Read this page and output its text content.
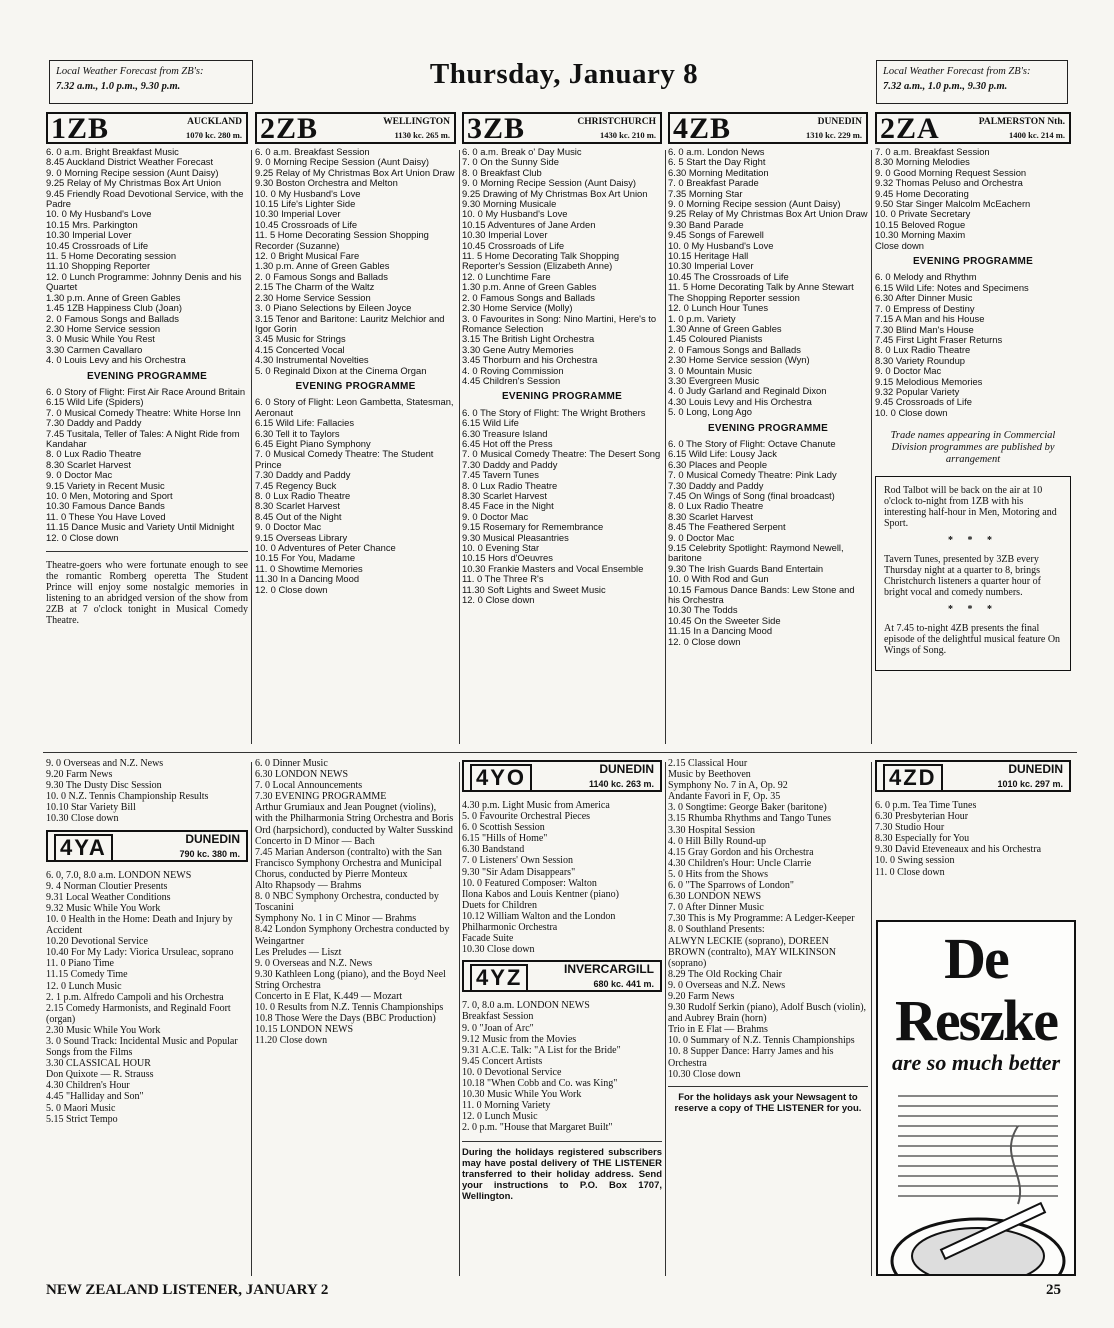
Local Weather Forecast from ZB's:
7.32 a.m., 1.0 p.m., 9.30 p.m.	Thursday, January 8	Local Weather Forecast from ZB's:
7.32 a.m., 1.0 p.m., 9.30 p.m.
1ZB	AUCKLAND
1070 kc. 280 m.

6. 0 a.m. Bright Breakfast Music

8.45 Auckland District Weather Forecast

9. 0 Morning Recipe session (Aunt Daisy)

9.25 Relay of My Christmas Box Art Union

9.45 Friendly Road Devotional Service, with the Padre

10. 0 My Husband's Love

10.15 Mrs. Parkington

10.30 Imperial Lover

10.45 Crossroads of Life

11. 5 Home Decorating session

11.10 Shopping Reporter

12. 0 Lunch Programme: Johnny Denis and his Quartet

1.30 p.m. Anne of Green Gables

1.45 1ZB Happiness Club (Joan)

2. 0 Famous Songs and Ballads

2.30 Home Service session

3. 0 Music While You Rest

3.30 Carmen Cavallaro

4. 0 Louis Levy and his Orchestra

EVENING PROGRAMME

6. 0 Story of Flight: First Air Race Around Britain

6.15 Wild Life (Spiders)

7. 0 Musical Comedy Theatre: White Horse Inn

7.30 Daddy and Paddy

7.45 Tusitala, Teller of Tales: A Night Ride from Kandahar

8. 0 Lux Radio Theatre

8.30 Scarlet Harvest

9. 0 Doctor Mac

9.15 Variety in Recent Music

10. 0 Men, Motoring and Sport

10.30 Famous Dance Bands

11. 0 These You Have Loved

11.15 Dance Music and Variety Until Midnight

12. 0 Close down

Theatre-goers who were fortunate enough to see the romantic Romberg operetta The Student Prince will enjoy some nostalgic memories in listening to an abridged version of the show from 2ZB at 7 o'clock tonight in Musical Comedy Theatre.
2ZB	WELLINGTON
1130 kc. 265 m.

6. 0 a.m. Breakfast Session

9. 0 Morning Recipe Session (Aunt Daisy)

9.25 Relay of My Christmas Box Art Union Draw

9.30 Boston Orchestra and Melton

10. 0 My Husband's Love

10.15 Life's Lighter Side

10.30 Imperial Lover

10.45 Crossroads of Life

11. 5 Home Decorating Session Shopping Recorder (Suzanne)

12. 0 Bright Musical Fare

1.30 p.m. Anne of Green Gables

2. 0 Famous Songs and Ballads

2.15 The Charm of the Waltz

2.30 Home Service Session

3. 0 Piano Selections by Eileen Joyce

3.15 Tenor and Baritone: Lauritz Melchior and Igor Gorin

3.45 Music for Strings

4.15 Concerted Vocal

4.30 Instrumental Novelties

5. 0 Reginald Dixon at the Cinema Organ

EVENING PROGRAMME

6. 0 Story of Flight: Leon Gambetta, Statesman, Aeronaut

6.15 Wild Life: Fallacies

6.30 Tell it to Taylors

6.45 Eight Piano Symphony

7. 0 Musical Comedy Theatre: The Student Prince

7.30 Daddy and Paddy

7.45 Regency Buck

8. 0 Lux Radio Theatre

8.30 Scarlet Harvest

8.45 Out of the Night

9. 0 Doctor Mac

9.15 Overseas Library

10. 0 Adventures of Peter Chance

10.15 For You, Madame

11. 0 Showtime Memories

11.30 In a Dancing Mood

12. 0 Close down

3ZB	CHRISTCHURCH
1430 kc. 210 m.

6. 0 a.m. Break o' Day Music

7. 0 On the Sunny Side

8. 0 Breakfast Club

9. 0 Morning Recipe Session (Aunt Daisy)

9.25 Drawing of My Christmas Box Art Union

9.30 Morning Musicale

10. 0 My Husband's Love

10.15 Adventures of Jane Arden

10.30 Imperial Lover

10.45 Crossroads of Life

11. 5 Home Decorating Talk Shopping Reporter's Session (Elizabeth Anne)

12. 0 Lunchtime Fare

1.30 p.m. Anne of Green Gables

2. 0 Famous Songs and Ballads

2.30 Home Service (Molly)

3. 0 Favourites in Song: Nino Martini, Here's to Romance Selection

3.15 The British Light Orchestra

3.30 Gene Autry Memories

3.45 Thorburn and his Orchestra

4. 0 Roving Commission

4.45 Children's Session

EVENING PROGRAMME

6. 0 The Story of Flight: The Wright Brothers

6.15 Wild Life

6.30 Treasure Island

6.45 Hot off the Press

7. 0 Musical Comedy Theatre: The Desert Song

7.30 Daddy and Paddy

7.45 Tavern Tunes

8. 0 Lux Radio Theatre

8.30 Scarlet Harvest

8.45 Face in the Night

9. 0 Doctor Mac

9.15 Rosemary for Remembrance

9.30 Musical Pleasantries

10. 0 Evening Star

10.15 Hors d'Oeuvres

10.30 Frankie Masters and Vocal Ensemble

11. 0 The Three R's

11.30 Soft Lights and Sweet Music

12. 0 Close down

4ZB	DUNEDIN
1310 kc. 229 m.

6. 0 a.m. London News

6. 5 Start the Day Right

6.30 Morning Meditation

7. 0 Breakfast Parade

7.35 Morning Star

9. 0 Morning Recipe session (Aunt Daisy)

9.25 Relay of My Christmas Box Art Union Draw

9.30 Band Parade

9.45 Songs of Farewell

10. 0 My Husband's Love

10.15 Heritage Hall

10.30 Imperial Lover

10.45 The Crossroads of Life

11. 5 Home Decorating Talk by Anne Stewart

The Shopping Reporter session

12. 0 Lunch Hour Tunes

1. 0 p.m. Variety

1.30 Anne of Green Gables

1.45 Coloured Pianists

2. 0 Famous Songs and Ballads

2.30 Home Service session (Wyn)

3. 0 Mountain Music

3.30 Evergreen Music

4. 0 Judy Garland and Reginald Dixon

4.30 Louis Levy and His Orchestra

5. 0 Long, Long Ago

EVENING PROGRAMME

6. 0 The Story of Flight: Octave Chanute

6.15 Wild Life: Lousy Jack

6.30 Places and People

7. 0 Musical Comedy Theatre: Pink Lady

7.30 Daddy and Paddy

7.45 On Wings of Song (final broadcast)

8. 0 Lux Radio Theatre

8.30 Scarlet Harvest

8.45 The Feathered Serpent

9. 0 Doctor Mac

9.15 Celebrity Spotlight: Raymond Newell, baritone

9.30 The Irish Guards Band Entertain

10. 0 With Rod and Gun

10.15 Famous Dance Bands: Lew Stone and his Orchestra

10.30 The Todds

10.45 On the Sweeter Side

11.15 In a Dancing Mood

12. 0 Close down

2ZA	PALMERSTON Nth.
1400 kc. 214 m.

7. 0 a.m. Breakfast Session

8.30 Morning Melodies

9. 0 Good Morning Request Session

9.32 Thomas Peluso and Orchestra

9.45 Home Decorating

9.50 Star Singer Malcolm McEachern

10. 0 Private Secretary

10.15 Beloved Rogue

10.30 Morning Maxim

Close down

EVENING PROGRAMME

6. 0 Melody and Rhythm

6.15 Wild Life: Notes and Specimens

6.30 After Dinner Music

7. 0 Empress of Destiny

7.15 A Man and his House

7.30 Blind Man's House

7.45 First Light Fraser Returns

8. 0 Lux Radio Theatre

8.30 Variety Roundup

9. 0 Doctor Mac

9.15 Melodious Memories

9.32 Popular Variety

9.45 Crossroads of Life

10. 0 Close down

Trade names appearing in Commercial Division programmes are published by arrangement

Rod Talbot will be back on the air at 10 o'clock to-night from 1ZB with his interesting half-hour in Men, Motoring and Sport.

* * *

Tavern Tunes, presented by 3ZB every Thursday night at a quarter to 8, brings Christchurch listeners a quarter hour of bright vocal and comedy numbers.

* * *

At 7.45 to-night 4ZB presents the final episode of the delightful musical feature On Wings of Song.

9. 0 Overseas and N.Z. News

9.20 Farm News

9.30 The Dusty Disc Session

10. 0 N.Z. Tennis Championship Results

10.10 Star Variety Bill

10.30 Close down

4YA	DUNEDIN
790 kc. 380 m.

6. 0, 7.0, 8.0 a.m. LONDON NEWS

9. 4 Norman Cloutier Presents

9.31 Local Weather Conditions

9.32 Music While You Work

10. 0 Health in the Home: Death and Injury by Accident

10.20 Devotional Service

10.40 For My Lady: Viorica Ursuleac, soprano

11. 0 Piano Time

11.15 Comedy Time

12. 0 Lunch Music

2. 1 p.m. Alfredo Campoli and his Orchestra

2.15 Comedy Harmonists, and Reginald Foort (organ)

2.30 Music While You Work

3. 0 Sound Track: Incidental Music and Popular Songs from the Films

3.30 CLASSICAL HOUR

Don Quixote — R. Strauss

4.30 Children's Hour

4.45 "Halliday and Son"

5. 0 Maori Music

5.15 Strict Tempo

6. 0 Dinner Music

6.30 LONDON NEWS

7. 0 Local Announcements

7.30 EVENING PROGRAMME

Arthur Grumiaux and Jean Pougnet (violins), with the Philharmonia String Orchestra and Boris Ord (harpsichord), conducted by Walter Susskind

Concerto in D Minor — Bach

7.45 Marian Anderson (contralto) with the San Francisco Symphony Orchestra and Municipal Chorus, conducted by Pierre Monteux

Alto Rhapsody — Brahms

8. 0 NBC Symphony Orchestra, conducted by Toscanini

Symphony No. 1 in C Minor — Brahms

8.42 London Symphony Orchestra conducted by Weingartner

Les Preludes — Liszt

9. 0 Overseas and N.Z. News

9.30 Kathleen Long (piano), and the Boyd Neel String Orchestra

Concerto in E Flat, K.449 — Mozart

10. 0 Results from N.Z. Tennis Championships

10.8 Those Were the Days (BBC Production)

10.15 LONDON NEWS

11.20 Close down

4YO	DUNEDIN
1140 kc. 263 m.

4.30 p.m. Light Music from America

5. 0 Favourite Orchestral Pieces

6. 0 Scottish Session

6.15 "Hills of Home"

6.30 Bandstand

7. 0 Listeners' Own Session

9.30 "Sir Adam Disappears"

10. 0 Featured Composer: Walton

Ilona Kabos and Louis Kentner (piano)

Duets for Children

10.12 William Walton and the London Philharmonic Orchestra

Facade Suite

10.30 Close down

4YZ	INVERCARGILL
680 kc. 441 m.

7. 0, 8.0 a.m. LONDON NEWS

Breakfast Session

9. 0 "Joan of Arc"

9.12 Music from the Movies

9.31 A.C.E. Talk: "A List for the Bride"

9.45 Concert Artists

10. 0 Devotional Service

10.18 "When Cobb and Co. was King"

10.30 Music While You Work

11. 0 Morning Variety

12. 0 Lunch Music

2. 0 p.m. "House that Margaret Built"

During the holidays registered subscribers may have postal delivery of THE LISTENER transferred to their holiday address. Send your instructions to P.O. Box 1707, Wellington.

2.15 Classical Hour

Music by Beethoven

Symphony No. 7 in A, Op. 92

Andante Favori in F, Op. 35

3. 0 Songtime: George Baker (baritone)

3.15 Rhumba Rhythms and Tango Tunes

3.30 Hospital Session

4. 0 Hill Billy Round-up

4.15 Gray Gordon and his Orchestra

4.30 Children's Hour: Uncle Clarrie

5. 0 Hits from the Shows

6. 0 "The Sparrows of London"

6.30 LONDON NEWS

7. 0 After Dinner Music

7.30 This is My Programme: A Ledger-Keeper

8. 0 Southland Presents:

ALWYN LECKIE (soprano), DOREEN BROWN (contralto), MAY WILKINSON (soprano)

8.29 The Old Rocking Chair

9. 0 Overseas and N.Z. News

9.20 Farm News

9.30 Rudolf Serkin (piano), Adolf Busch (violin), and Aubrey Brain (horn)

Trio in E Flat — Brahms

10. 0 Summary of N.Z. Tennis Championships

10. 8 Supper Dance: Harry James and his Orchestra

10.30 Close down

For the holidays ask your Newsagent to reserve a copy of THE LISTENER for you.
4ZD	DUNEDIN
1010 kc. 297 m.

6. 0 p.m. Tea Time Tunes

6.30 Presbyterian Hour

7.30 Studio Hour

8.30 Especially for You

9.30 David Eteveneaux and his Orchestra

10. 0 Swing session

11. 0 Close down

De Reszke
are so much better
NEW ZEALAND LISTENER, JANUARY 2	25
